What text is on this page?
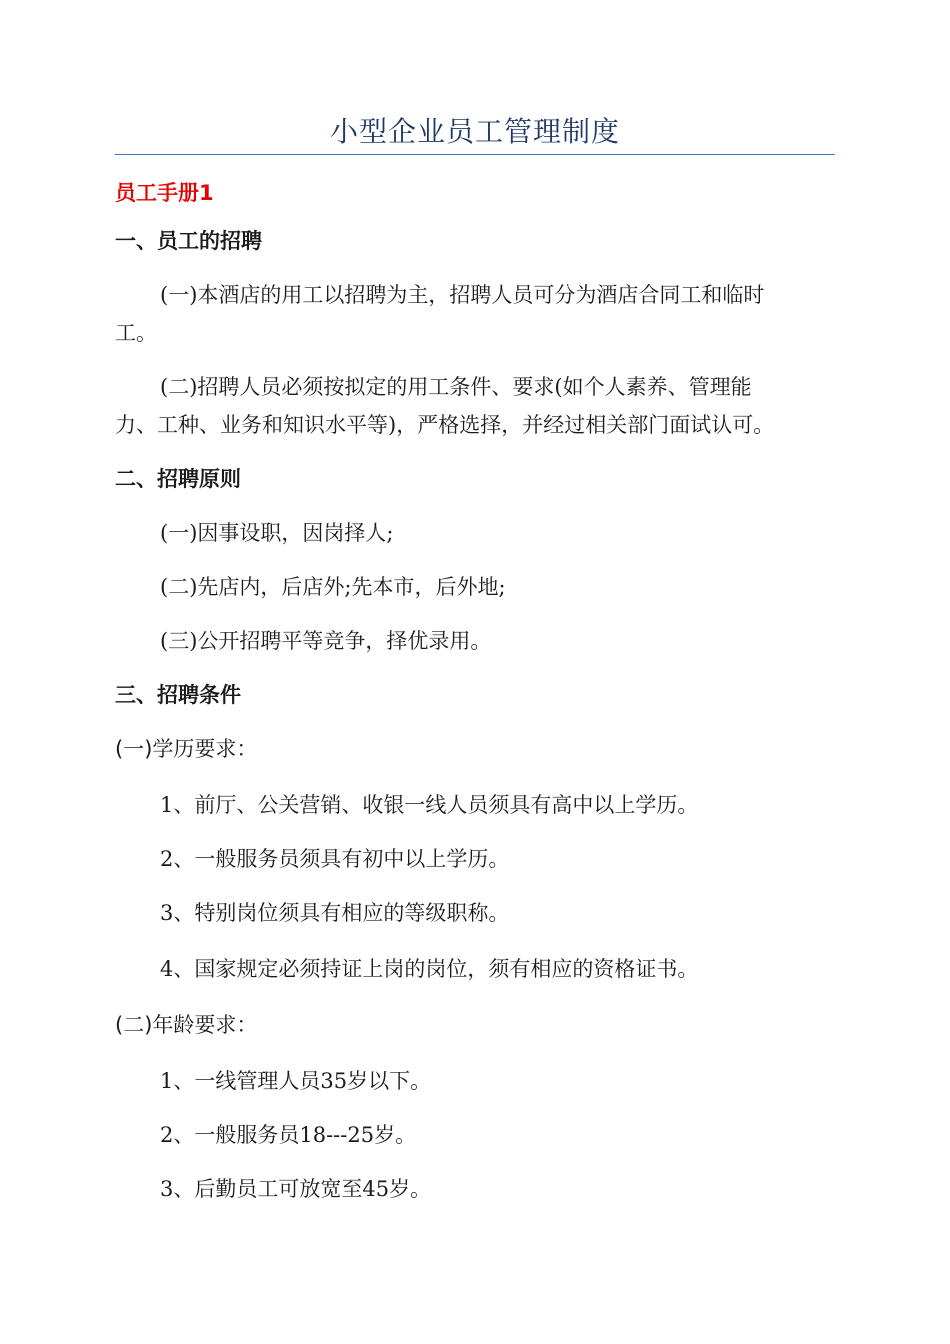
小型企业员工管理制度
员工手册1
一、员工的招聘
(一)本酒店的用工以招聘为主，招聘人员可分为酒店合同工和临时
工。
(二)招聘人员必须按拟定的用工条件、要求(如个人素养、管理能
力、工种、业务和知识水平等)，严格选择，并经过相关部门面试认可。
二、招聘原则
(一)因事设职，因岗择人;
(二)先店内，后店外;先本市，后外地;
(三)公开招聘平等竞争，择优录用。
三、招聘条件
(一)学历要求：
1、前厅、公关营销、收银一线人员须具有高中以上学历。
2、一般服务员须具有初中以上学历。
3、特别岗位须具有相应的等级职称。
4、国家规定必须持证上岗的岗位，须有相应的资格证书。
(二)年龄要求：
1、一线管理人员35岁以下。
2、一般服务员18---25岁。
3、后勤员工可放宽至45岁。
